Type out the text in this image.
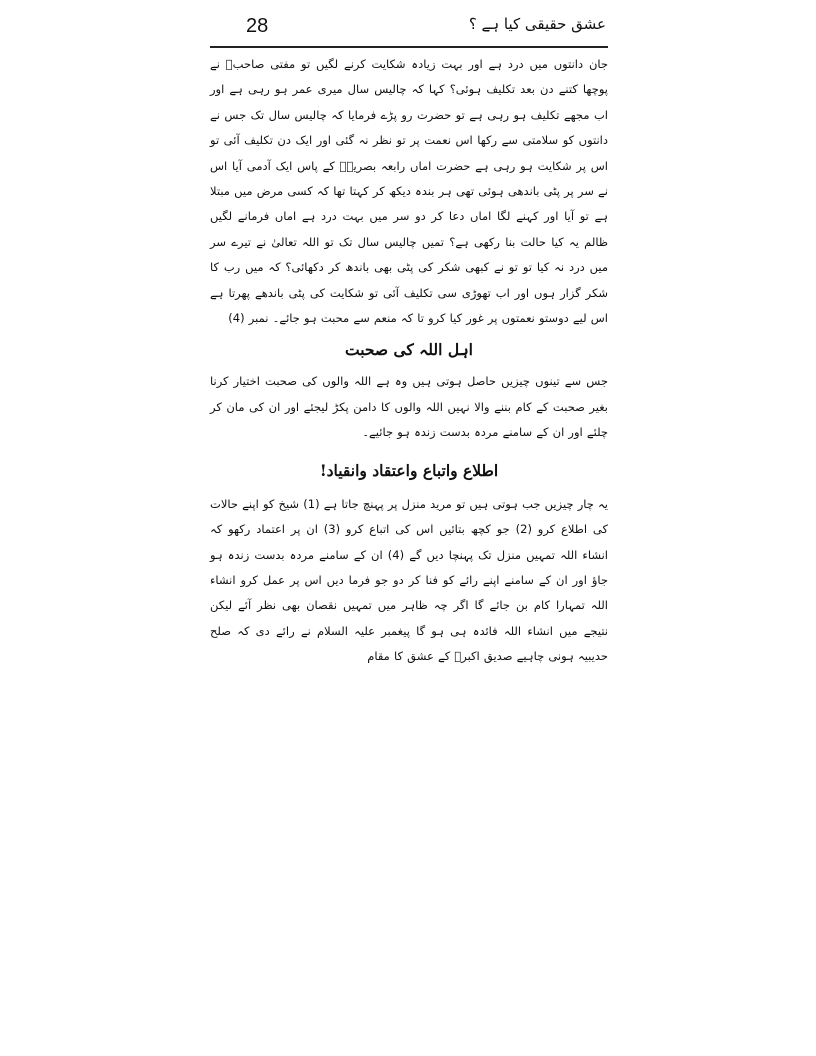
28	عشق حقیقی کیا ہے ؟

جان دانتوں میں درد ہے اور بہت زیادہ شکایت کرنے لگیں تو مفتی صاحبؒ نے پوچھا کتنے دن بعد تکلیف ہوئی؟ کہا کہ چالیس سال میری عمر ہو رہی ہے اور اب مجھے تکلیف ہو رہی ہے تو حضرت رو پڑے فرمایا کہ چالیس سال تک جس نے دانتوں کو سلامتی سے رکھا اس نعمت پر تو نظر نہ گئی اور ایک دن تکلیف آئی تو اس پر شکایت ہو رہی ہے حضرت اماں رابعہ بصریہؒ کے پاس ایک آدمی آیا اس نے سر پر پٹی باندھی ہوئی تھی ہر بندہ دیکھ کر کہتا تھا کہ کسی مرض میں مبتلا ہے تو آیا اور کہنے لگا اماں دعا کر دو سر میں بہت درد ہے اماں فرمانے لگیں ظالم یہ کیا حالت بنا رکھی ہے؟ تمیں چالیس سال تک تو اللہ تعالیٰ نے تیرے سر میں درد نہ کیا تو تو نے کبھی شکر کی پٹی بھی باندھ کر دکھائی؟ کہ میں رب کا شکر گزار ہوں اور اب تھوڑی سی تکلیف آئی تو شکایت کی پٹی باندھے پھرتا ہے اس لیے دوستو نعمتوں پر غور کیا کرو تا کہ منعم سے محبت ہو جائے۔ نمبر (4)

اہل اللہ کی صحبت

جس سے تینوں چیزیں حاصل ہوتی ہیں وہ ہے اللہ والوں کی صحبت اختیار کرنا بغیر صحبت کے کام بننے والا نہیں اللہ والوں کا دامن پکڑ لیجئے اور ان کی مان کر چلئے اور ان کے سامنے مردہ بدست زندہ ہو جائیے۔

اطلاع واتباع واعتقاد وانقیاد!

یہ چار چیزیں جب ہوتی ہیں تو مرید منزل پر پہنچ جاتا ہے (1) شیخ کو اپنے حالات کی اطلاع کرو (2) جو کچھ بتائیں اس کی اتباع کرو (3) ان پر اعتماد رکھو کہ انشاء اللہ تمہیں منزل تک پہنچا دیں گے (4) ان کے سامنے مردہ بدست زندہ ہو جاؤ اور ان کے سامنے اپنے رائے کو فنا کر دو جو فرما دیں اس پر عمل کرو انشاء اللہ تمہارا کام بن جائے گا اگر چہ ظاہر میں تمہیں نقصان بھی نظر آئے لیکن نتیجے میں انشاء اللہ فائدہ ہی ہو گا پیغمبر علیہ السلام نے رائے دی کہ صلح حدیبیہ ہونی چاہیے صدیق اکبرؓ کے عشق کا مقام
